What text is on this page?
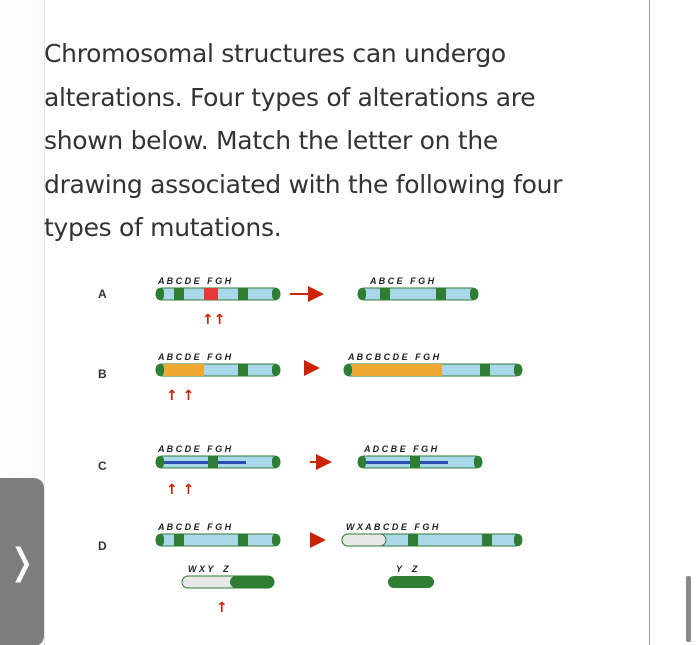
Chromosomal structures can undergo alterations. Four types of alterations are shown below. Match the letter on the drawing associated with the following four types of mutations.
❭
A
A B C D E   F G H
↑↑
A B C E   F G H
B
A B C D E   F G H
↑ ↑
A B C B C D E   F G H
C
A B C D E   F G H
↑ ↑
A D C B E   F G H
D
A B C D E   F G H
W X Y    Z
↑
W X A B C D E   F G H
Y    Z
